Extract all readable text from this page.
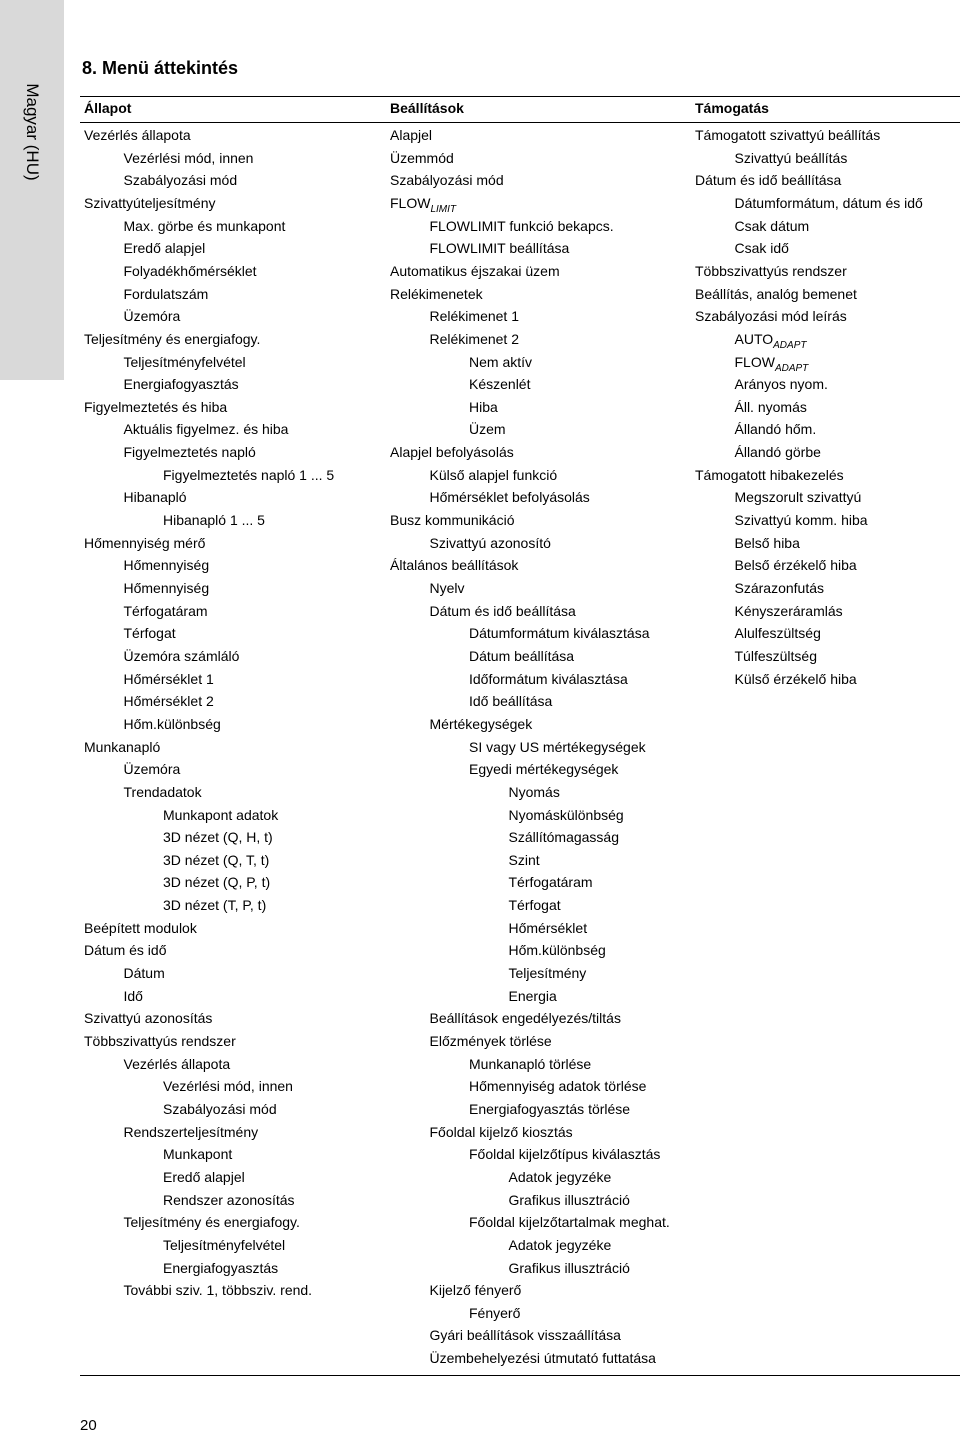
Magyar (HU)
8. Menü áttekintés
Állapot	Beállítások	Támogatás
Vezérlés állapota
Vezérlési mód, innen
Szabályozási mód
Szivattyúteljesítmény
Max. görbe és munkapont
Eredő alapjel
Folyadékhőmérséklet
Fordulatszám
Üzemóra
Teljesítmény és energiafogy.
Teljesítményfelvétel
Energiafogyasztás
Figyelmeztetés és hiba
Aktuális figyelmez. és hiba
Figyelmeztetés napló
Figyelmeztetés napló 1 ... 5
Hibanapló
Hibanapló 1 ... 5
Hőmennyiség mérő
Hőmennyiség
Hőmennyiség
Térfogatáram
Térfogat
Üzemóra számláló
Hőmérséklet 1
Hőmérséklet 2
Hőm.különbség
Munkanapló
Üzemóra
Trendadatok
Munkapont adatok
3D nézet (Q, H, t)
3D nézet (Q, T, t)
3D nézet (Q, P, t)
3D nézet (T, P, t)
Beépített modulok
Dátum és idő
Dátum
Idő
Szivattyú azonosítás
Többszivattyús rendszer
Vezérlés állapota
Vezérlési mód, innen
Szabályozási mód
Rendszerteljesítmény
Munkapont
Eredő alapjel
Rendszer azonosítás
Teljesítmény és energiafogy.
Teljesítményfelvétel
Energiafogyasztás
További sziv. 1, többsziv. rend.
Alapjel
Üzemmód
Szabályozási mód
$FLOW_{LIMIT}$
FLOWLIMIT funkció bekapcs.
FLOWLIMIT beállítása
Automatikus éjszakai üzem
Relékimenetek
Relékimenet 1
Relékimenet 2
Nem aktív
Készenlét
Hiba
Üzem
Alapjel befolyásolás
Külső alapjel funkció
Hőmérséklet befolyásolás
Busz kommunikáció
Szivattyú azonosító
Általános beállítások
Nyelv
Dátum és idő beállítása
Dátumformátum kiválasztása
Dátum beállítása
Időformátum kiválasztása
Idő beállítása
Mértékegységek
SI vagy US mértékegységek
Egyedi mértékegységek
Nyomás
Nyomáskülönbség
Szállítómagasság
Szint
Térfogatáram
Térfogat
Hőmérséklet
Hőm.különbség
Teljesítmény
Energia
Beállítások engedélyezés/tiltás
Előzmények törlése
Munkanapló törlése
Hőmennyiség adatok törlése
Energiafogyasztás törlése
Főoldal kijelző kiosztás
Főoldal kijelzőtípus kiválasztás
Adatok jegyzéke
Grafikus illusztráció
Főoldal kijelzőtartalmak meghat.
Adatok jegyzéke
Grafikus illusztráció
Kijelző fényerő
Fényerő
Gyári beállítások visszaállítása
Üzembehelyezési útmutató futtatása
Támogatott szivattyú beállítás
Szivattyú beállítás
Dátum és idő beállítása
Dátumformátum, dátum és idő
Csak dátum
Csak idő
Többszivattyús rendszer
Beállítás, analóg bemenet
Szabályozási mód leírás
$AUTO_{ADAPT}$
$FLOW_{ADAPT}$
Arányos nyom.
Áll. nyomás
Állandó hőm.
Állandó görbe
Támogatott hibakezelés
Megszorult szivattyú
Szivattyú komm. hiba
Belső hiba
Belső érzékelő hiba
Szárazonfutás
Kényszeráramlás
Alulfeszültség
Túlfeszültség
Külső érzékelő hiba
20
